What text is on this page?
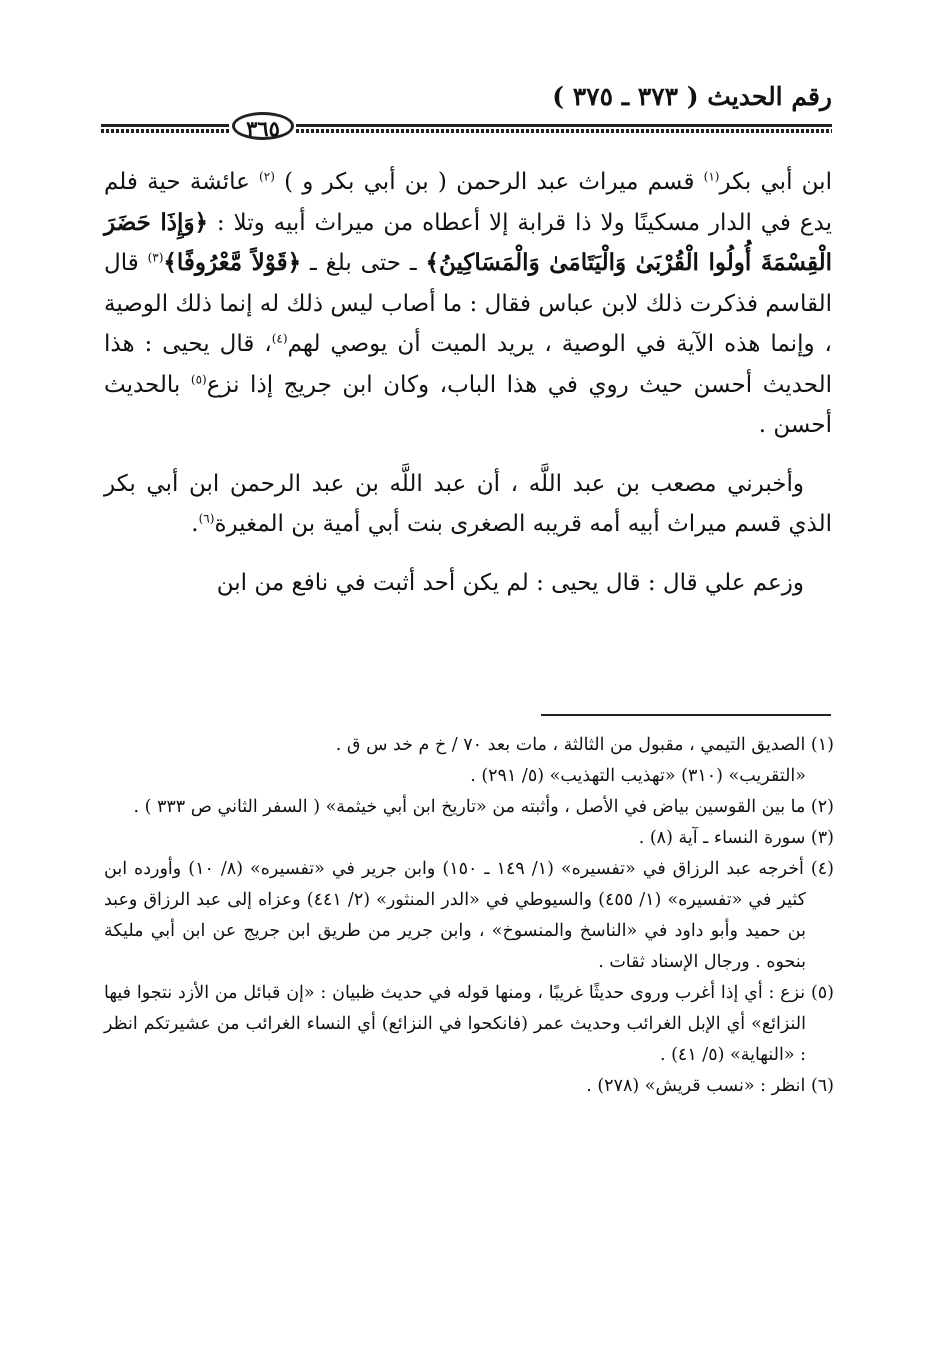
رقم الحديث ( ٣٧٣ ـ ٣٧٥ )
٣٦٥

ابن أبي بكر$^{(١)}$ قسم ميراث عبد الرحمن ( بن أبي بكر و ) $^{(٢)}$ عائشة حية فلم يدع في الدار مسكينًا ولا ذا قرابة إلا أعطاه من ميراث أبيه وتلا : ﴿وَإِذَا حَضَرَ الْقِسْمَةَ أُولُوا الْقُرْبَىٰ وَالْيَتَامَىٰ وَالْمَسَاكِينُ﴾ ـ حتى بلغ ـ ﴿قَوْلاً مَّعْرُوفًا﴾$^{(٣)}$ قال القاسم فذكرت ذلك لابن عباس فقال : ما أصاب ليس ذلك له إنما ذلك الوصية ، وإنما هذه الآية في الوصية ، يريد الميت أن يوصي لهم$^{(٤)}$، قال يحيى : هذا الحديث أحسن حيث روي في هذا الباب، وكان ابن جريج إذا نزع$^{(٥)}$ بالحديث أحسن .

وأخبرني مصعب بن عبد اللَّه ، أن عبد اللَّه بن عبد الرحمن ابن أبي بكر الذي قسم ميراث أبيه أمه قريبه الصغرى بنت أبي أمية بن المغيرة$^{(٦)}$.

وزعم علي قال : قال يحيى : لم يكن أحد أثبت في نافع من ابن

(١) الصديق التيمي ، مقبول من الثالثة ، مات بعد ٧٠ / خ م خد س ق .

«التقريب» (٣١٠) «تهذيب التهذيب» (٥/ ٢٩١) .

(٢) ما بين القوسين بياض في الأصل ، وأثبته من «تاريخ ابن أبي خيثمة» ( السفر الثاني ص ٣٣٣ ) .

(٣) سورة النساء ـ آية (٨) .

(٤) أخرجه عبد الرزاق في «تفسيره» (١/ ١٤٩ ـ ١٥٠) وابن جرير في «تفسيره» (٨/ ١٠) وأورده ابن كثير في «تفسيره» (١/ ٤٥٥) والسيوطي في «الدر المنثور» (٢/ ٤٤١) وعزاه إلى عبد الرزاق وعبد بن حميد وأبو داود في «الناسخ والمنسوخ» ، وابن جرير من طريق ابن جريج عن ابن أبي مليكة بنحوه . ورجال الإسناد ثقات .

(٥) نزع : أي إذا أغرب وروى حديثًا غريبًا ، ومنها قوله في حديث ظبيان : «إن قبائل من الأزد نتجوا فيها النزائع» أي الإبل الغرائب وحديث عمر (فانكحوا في النزائع) أي النساء الغرائب من عشيرتكم انظر : «النهاية» (٥/ ٤١) .

(٦) انظر : «نسب قريش» (٢٧٨) .
